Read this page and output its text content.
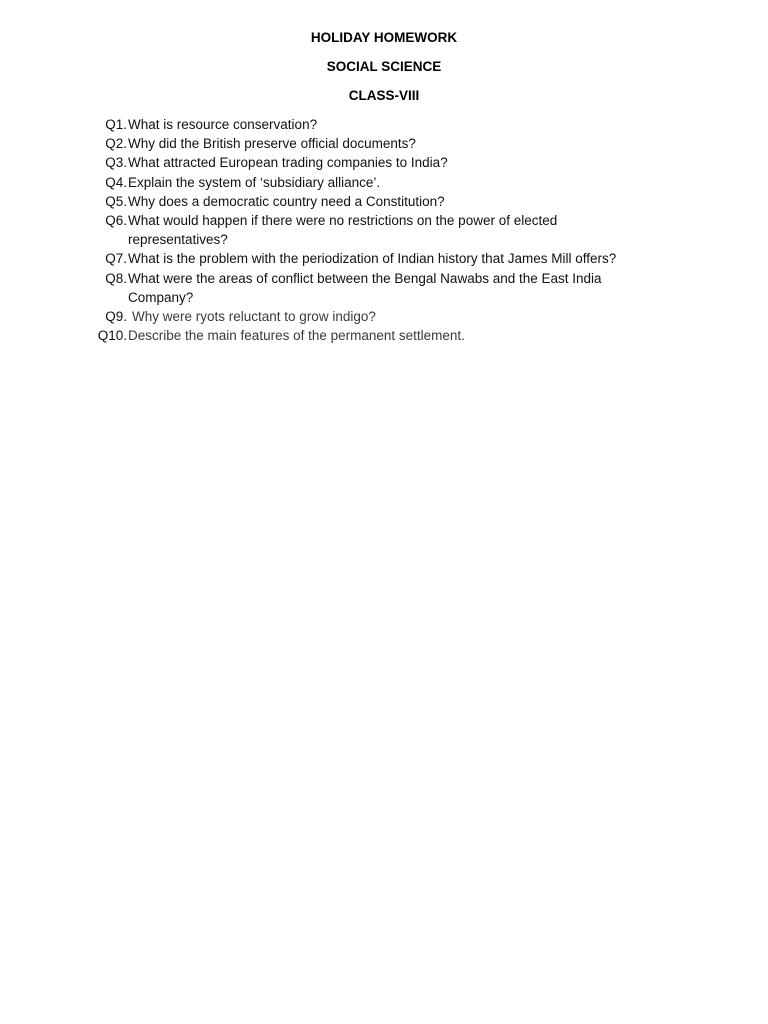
HOLIDAY HOMEWORK
SOCIAL SCIENCE
CLASS-VIII
Q1. What is resource conservation?
Q2. Why did the British preserve official documents?
Q3. What attracted European trading companies to India?
Q4. Explain the system of ‘subsidiary alliance’.
Q5. Why does a democratic country need a Constitution?
Q6. What would happen if there were no restrictions on the power of elected representatives?
Q7. What is the problem with the periodization of Indian history that James Mill offers?
Q8. What were the areas of conflict between the Bengal Nawabs and the East India Company?
Q9. Why were ryots reluctant to grow indigo?
Q10. Describe the main features of the permanent settlement.
